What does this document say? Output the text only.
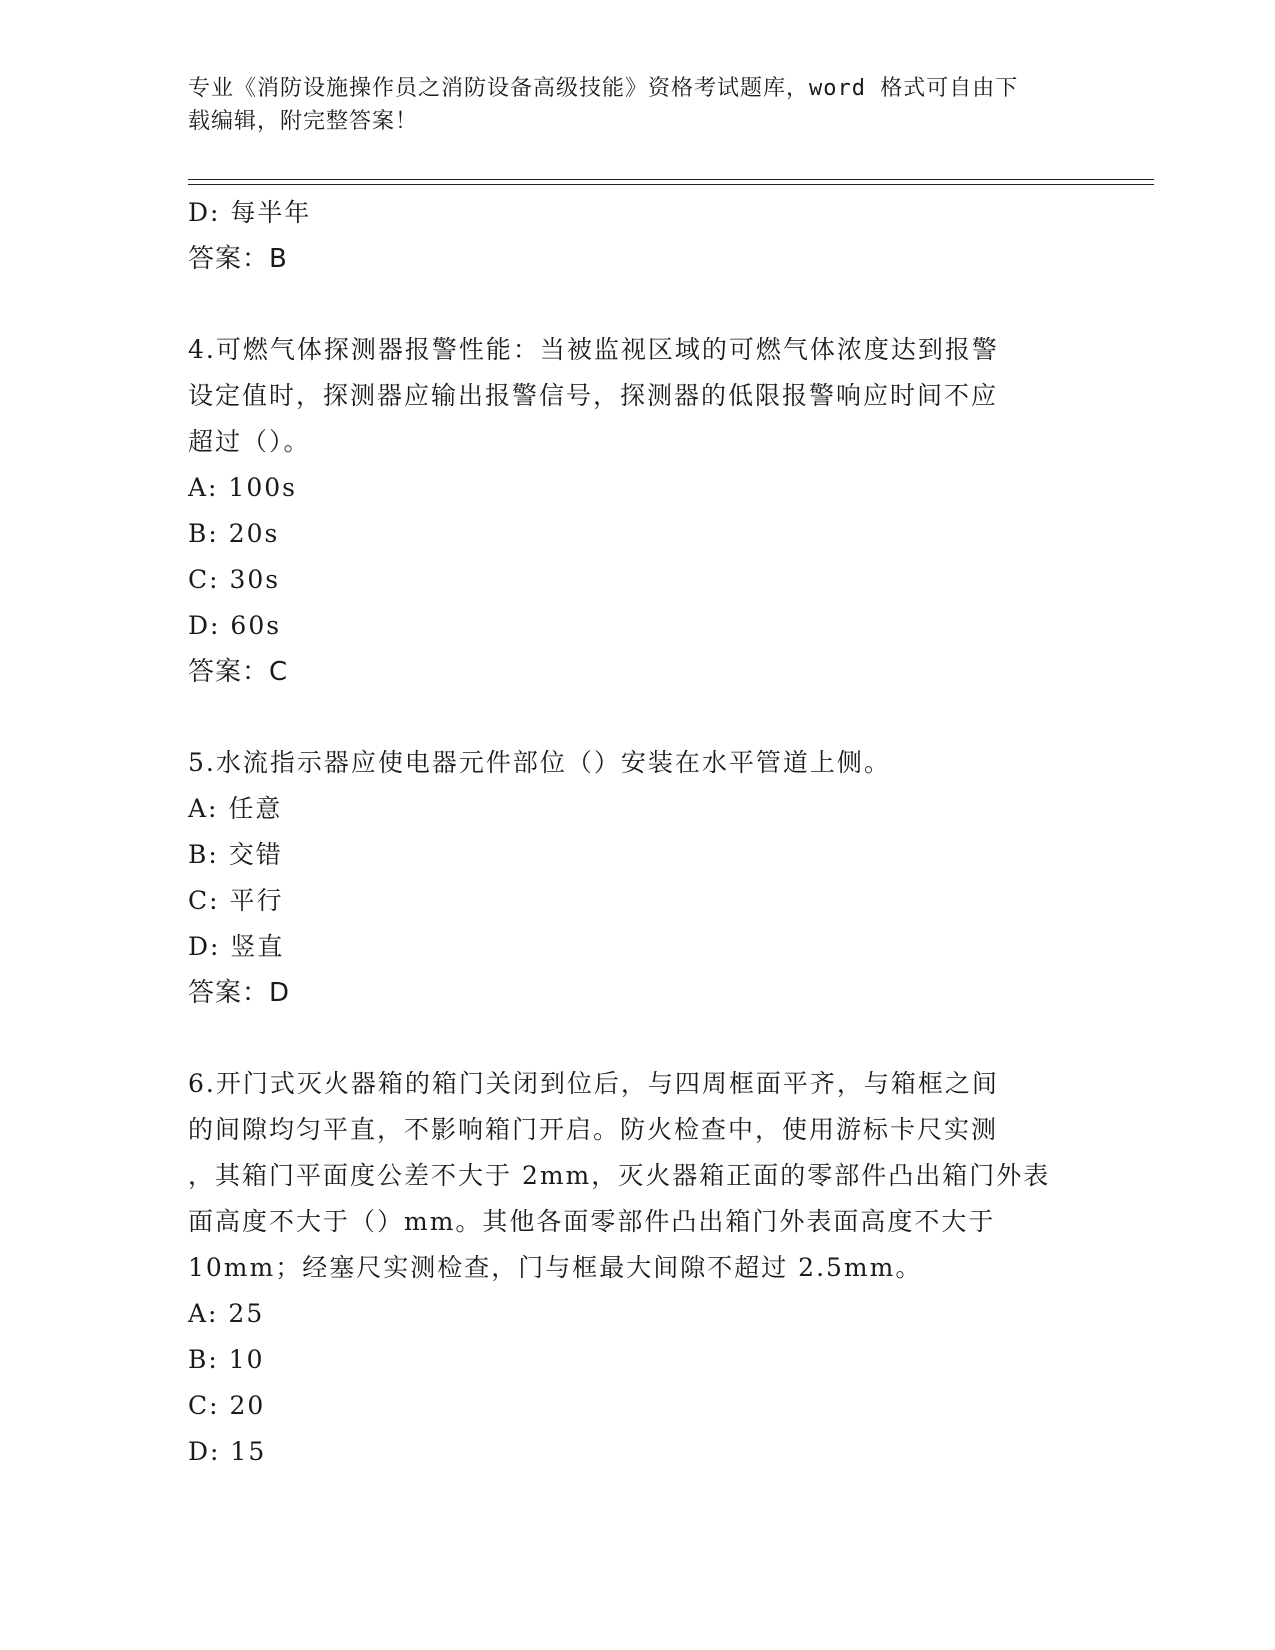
专业《消防设施操作员之消防设备高级技能》资格考试题库，word 格式可自由下
载编辑，附完整答案！
D: 每半年
答案：B
4.可燃气体探测器报警性能：当被监视区域的可燃气体浓度达到报警
设定值时，探测器应输出报警信号，探测器的低限报警响应时间不应
超过（）。
A: 100s
B: 20s
C: 30s
D: 60s
答案：C
5.水流指示器应使电器元件部位（）安装在水平管道上侧。
A: 任意
B: 交错
C: 平行
D: 竖直
答案：D
6.开门式灭火器箱的箱门关闭到位后，与四周框面平齐，与箱框之间
的间隙均匀平直，不影响箱门开启。防火检查中，使用游标卡尺实测
，其箱门平面度公差不大于 2mm，灭火器箱正面的零部件凸出箱门外表
面高度不大于（）mm。其他各面零部件凸出箱门外表面高度不大于
10mm；经塞尺实测检查，门与框最大间隙不超过 2.5mm。
A: 25
B: 10
C: 20
D: 15
